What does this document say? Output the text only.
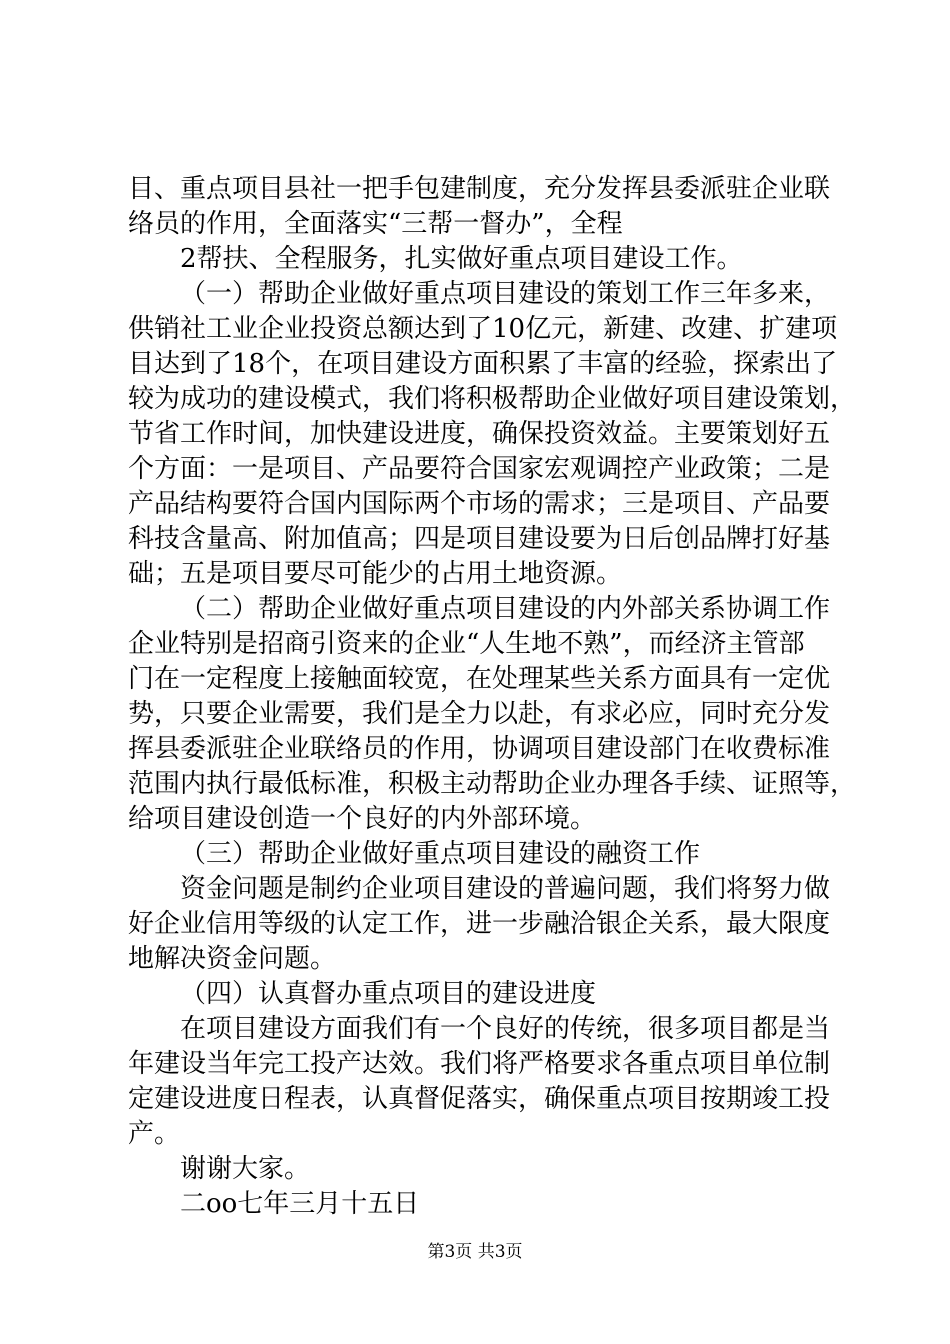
目、重点项目县社一把手包建制度，充分发挥县委派驻企业联
络员的作用，全面落实“三帮一督办”，全程
2帮扶、全程服务，扎实做好重点项目建设工作。
（一）帮助企业做好重点项目建设的策划工作三年多来，
供销社工业企业投资总额达到了10亿元，新建、改建、扩建项
目达到了18个，在项目建设方面积累了丰富的经验，探索出了
较为成功的建设模式，我们将积极帮助企业做好项目建设策划，
节省工作时间，加快建设进度，确保投资效益。主要策划好五
个方面：一是项目、产品要符合国家宏观调控产业政策；二是
产品结构要符合国内国际两个市场的需求；三是项目、产品要
科技含量高、附加值高；四是项目建设要为日后创品牌打好基
础；五是项目要尽可能少的占用土地资源。
（二）帮助企业做好重点项目建设的内外部关系协调工作
企业特别是招商引资来的企业“人生地不熟”，而经济主管部
门在一定程度上接触面较宽，在处理某些关系方面具有一定优
势，只要企业需要，我们是全力以赴，有求必应，同时充分发
挥县委派驻企业联络员的作用，协调项目建设部门在收费标准
范围内执行最低标准，积极主动帮助企业办理各手续、证照等，
给项目建设创造一个良好的内外部环境。
（三）帮助企业做好重点项目建设的融资工作
资金问题是制约企业项目建设的普遍问题，我们将努力做
好企业信用等级的认定工作，进一步融洽银企关系，最大限度
地解决资金问题。
（四）认真督办重点项目的建设进度
在项目建设方面我们有一个良好的传统，很多项目都是当
年建设当年完工投产达效。我们将严格要求各重点项目单位制
定建设进度日程表，认真督促落实，确保重点项目按期竣工投
产。
谢谢大家。
二oo七年三月十五日
第3页 共3页
